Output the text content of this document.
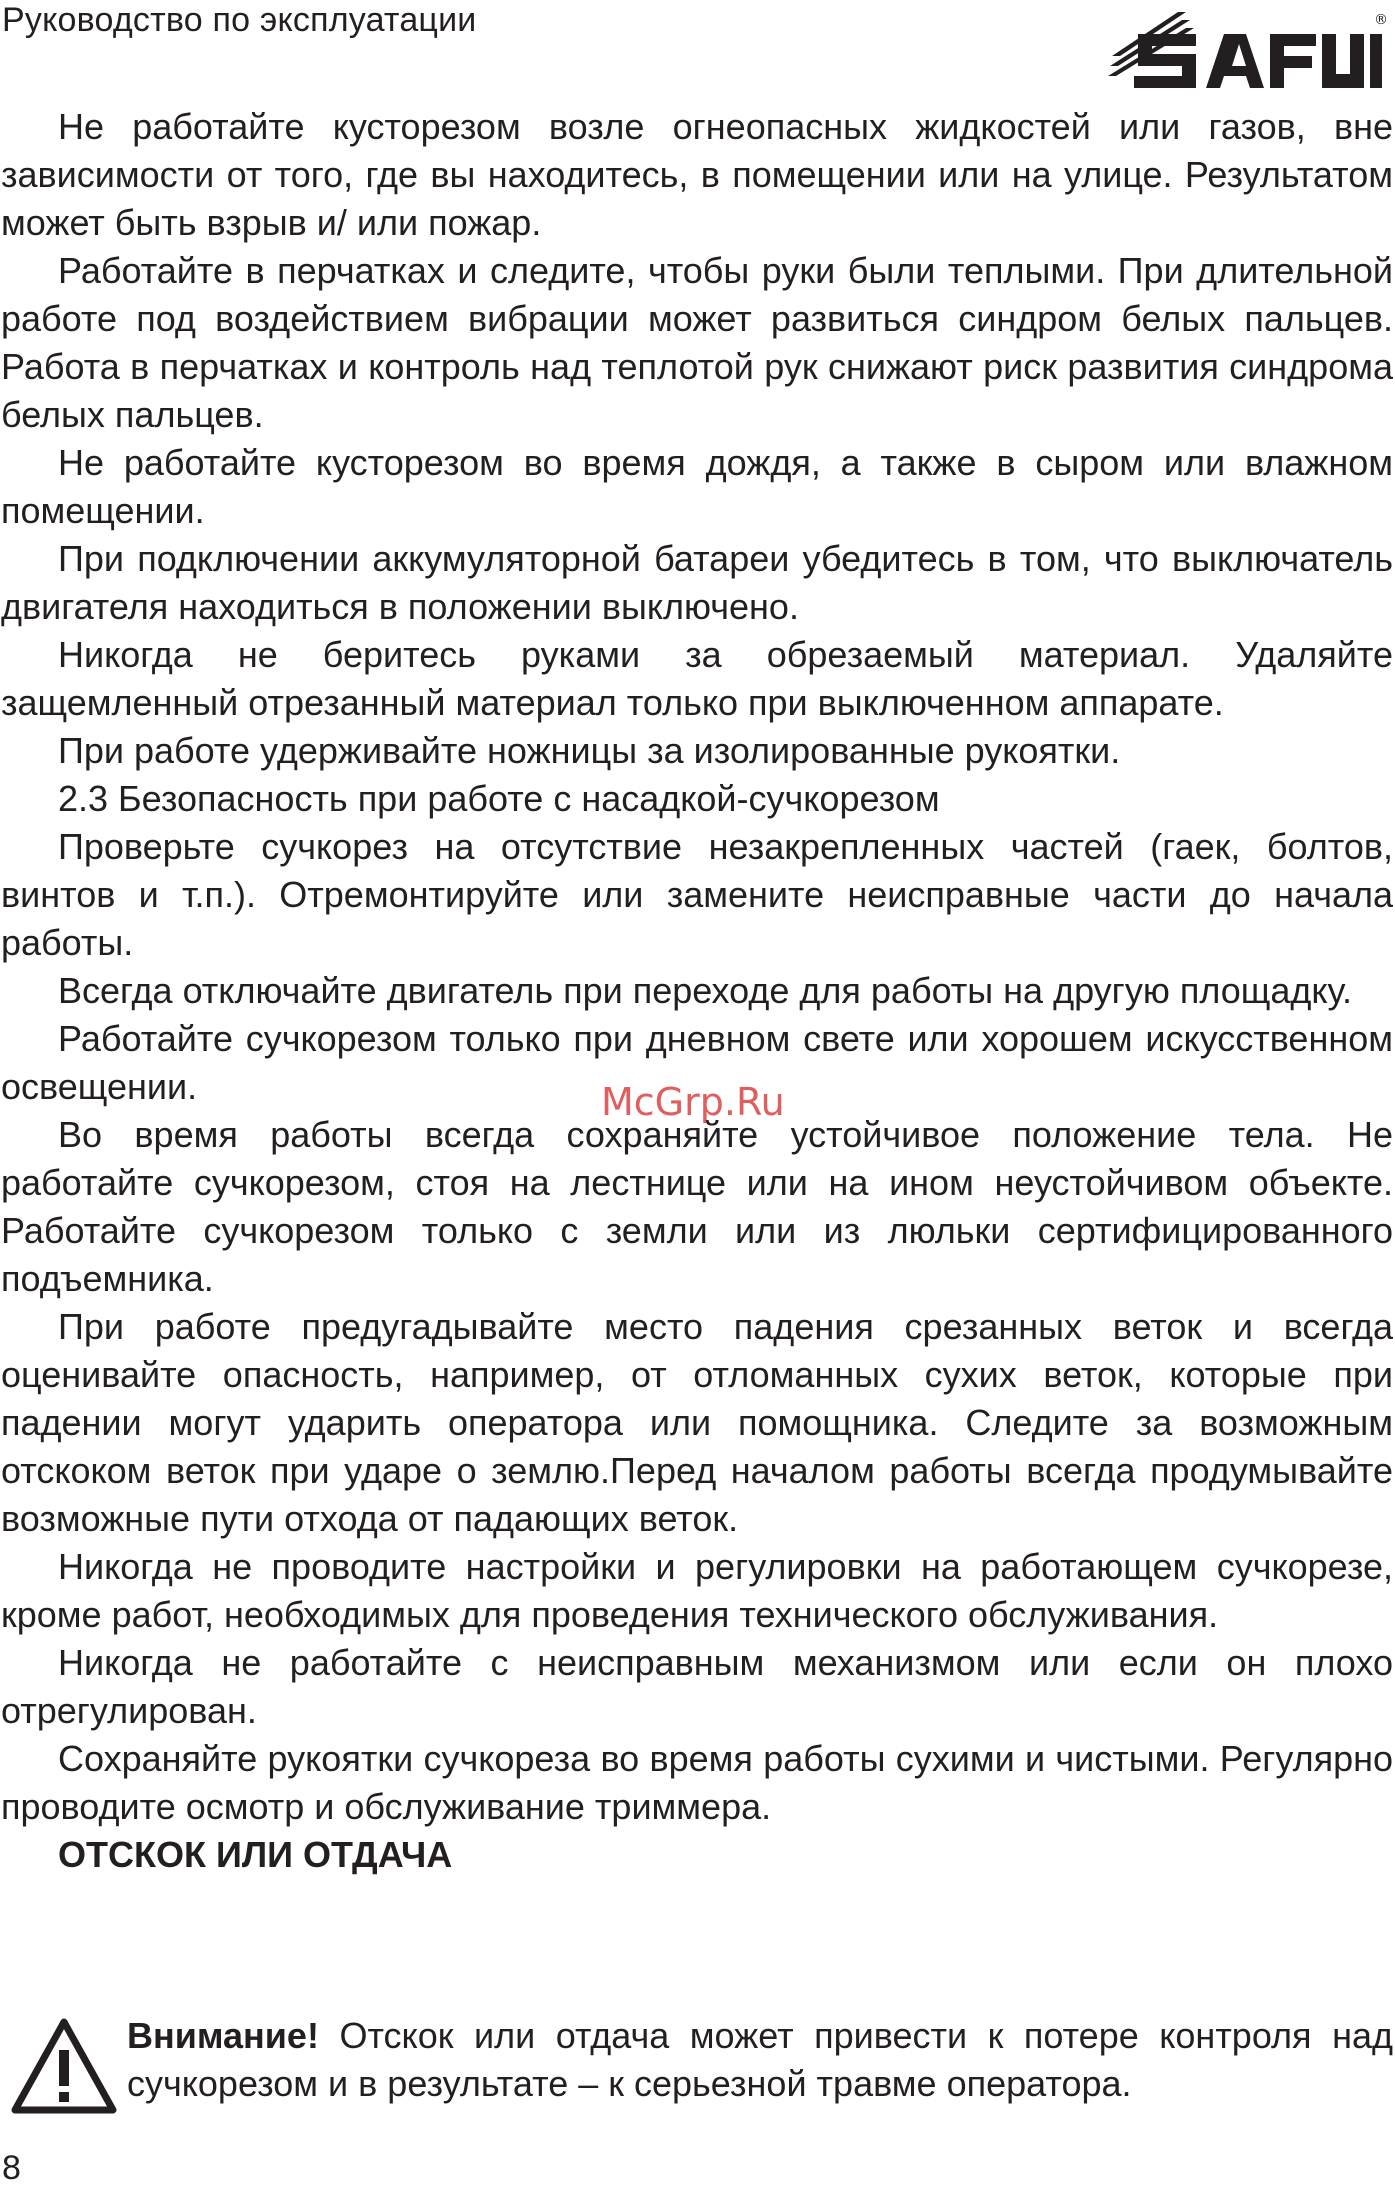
Руководство по эксплуатации	®

Не работайте кусторезом возле огнеопасных жидкостей или газов, вне зависимости от того, где вы находитесь, в помещении или на улице. Результатом может быть взрыв и/ или пожар.

Работайте в перчатках и следите, чтобы руки были теплыми. При длительной работе под воздействием вибрации может развиться синдром белых пальцев. Работа в перчатках и контроль над теплотой рук снижают риск развития синдрома белых пальцев.

Не работайте кусторезом во время дождя, а также в сыром или влажном помещении.

При подключении аккумуляторной батареи убедитесь в том, что выключатель двигателя находиться в положении выключено.

Никогда не беритесь руками за обрезаемый материал. Удаляйте защемленный отрезанный материал только при выключенном аппарате.

При работе удерживайте ножницы за изолированные рукоятки.

2.3 Безопасность при работе с насадкой-сучкорезом

Проверьте сучкорез на отсутствие незакрепленных частей (гаек, болтов, винтов и т.п.). Отремонтируйте или замените неисправные части до начала работы.

Всегда отключайте двигатель при переходе для работы на другую площадку.

Работайте сучкорезом только при дневном свете или хорошем искусственном освещении.

Во время работы всегда сохраняйте устойчивое положение тела. Не работайте сучкорезом, стоя на лестнице или на ином неустойчивом объекте. Работайте сучкорезом только с земли или из люльки сертифицированного подъемника.

При работе предугадывайте место падения срезанных веток и всегда оценивайте опасность, например, от отломанных сухих веток, которые при падении могут ударить оператора или помощника. Следите за возможным отскоком веток при ударе о землю.Перед началом работы всегда продумывайте возможные пути отхода от падающих веток.

Никогда не проводите настройки и регулировки на работающем сучкорезе, кроме работ, необходимых для проведения технического обслуживания.

Никогда не работайте с неисправным механизмом или если он плохо отрегулирован.

Сохраняйте рукоятки сучкореза во время работы сухими и чистыми. Регулярно проводите осмотр и обслуживание триммера.

ОТСКОК ИЛИ ОТДАЧА

Внимание! Отскок или отдача может привести к потере контроля над сучкорезом и в результате – к серьезной травме оператора.
McGrp.Ru
8
